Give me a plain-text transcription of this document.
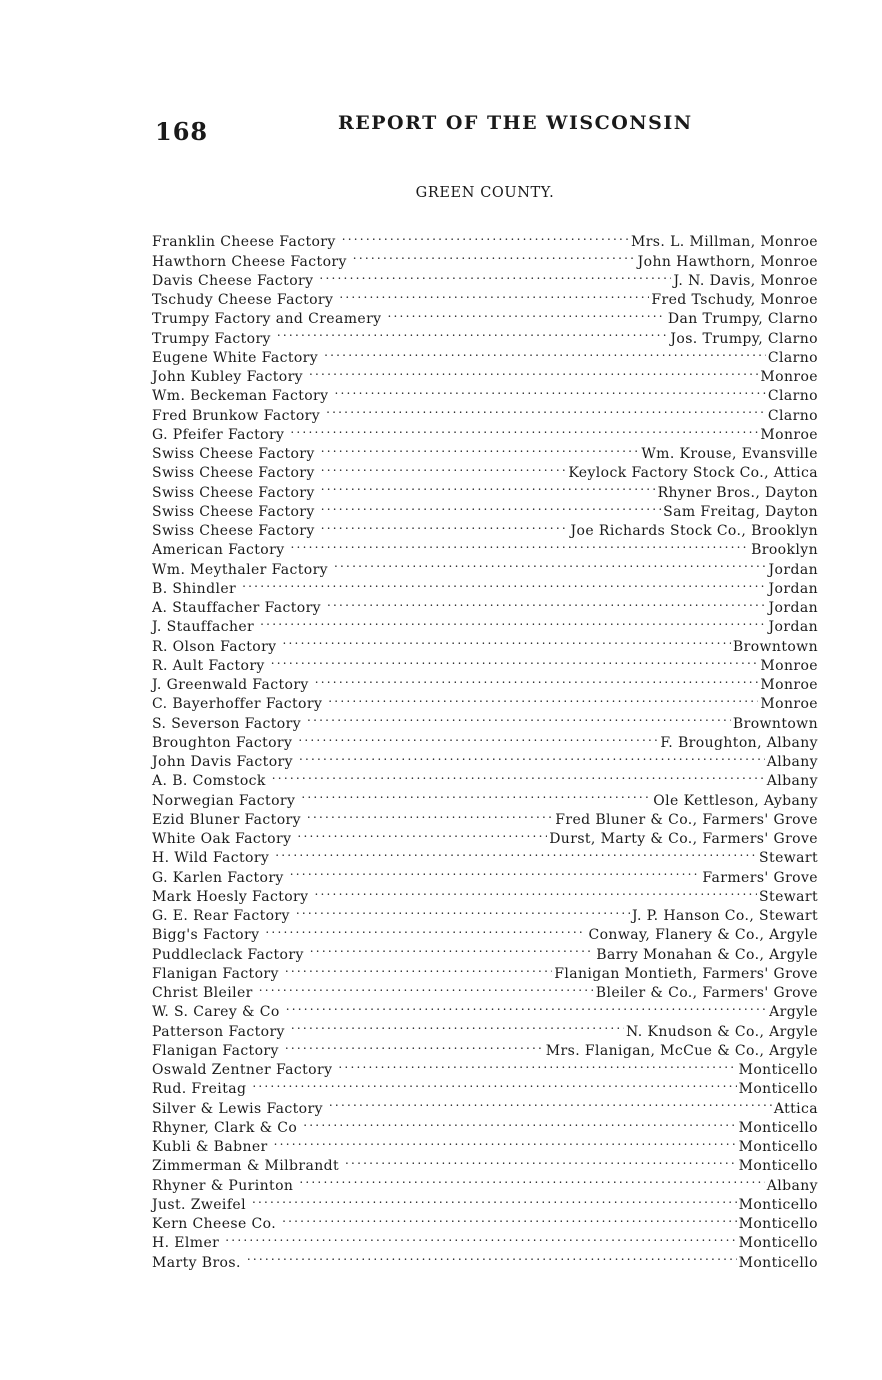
168	REPORT OF THE WISCONSIN
GREEN COUNTY.
Franklin Cheese Factory . . .	Mrs. L. Millman, Monroe
Hawthorn Cheese Factory . . .	John Hawthorn, Monroe
Davis Cheese Factory . . .	J. N. Davis, Monroe
Tschudy Cheese Factory . . .	Fred Tschudy, Monroe
Trumpy Factory and Creamery . . .	Dan Trumpy, Clarno
Trumpy Factory . . .	Jos. Trumpy, Clarno
Eugene White Factory . . .	Clarno
John Kubley Factory . . .	Monroe
Wm. Beckeman Factory . . .	Clarno
Fred Brunkow Factory . . .	Clarno
G. Pfeifer Factory . . .	Monroe
Swiss Cheese Factory . . .	Wm. Krouse, Evansville
Swiss Cheese Factory . . .	Keylock Factory Stock Co., Attica
Swiss Cheese Factory . . .	Rhyner Bros., Dayton
Swiss Cheese Factory . . .	Sam Freitag, Dayton
Swiss Cheese Factory . . .	Joe Richards Stock Co., Brooklyn
American Factory . . .	Brooklyn
Wm. Meythaler Factory . . .	Jordan
B. Shindler . . .	Jordan
A. Stauffacher Factory . . .	Jordan
J. Stauffacher . . .	Jordan
R. Olson Factory . . .	Browntown
R. Ault Factory . . .	Monroe
J. Greenwald Factory . . .	Monroe
C. Bayerhoffer Factory . . .	Monroe
S. Severson Factory . . .	Browntown
Broughton Factory . . .	F. Broughton, Albany
John Davis Factory . . .	Albany
A. B. Comstock . . .	Albany
Norwegian Factory . . .	Ole Kettleson, Aybany
Ezid Bluner Factory . . .	Fred Bluner & Co., Farmers' Grove
White Oak Factory . . .	Durst, Marty & Co., Farmers' Grove
H. Wild Factory . . .	Stewart
G. Karlen Factory . . .	Farmers' Grove
Mark Hoesly Factory . . .	Stewart
G. E. Rear Factory . . .	J. P. Hanson Co., Stewart
Bigg's Factory . . .	Conway, Flanery & Co., Argyle
Puddleclack Factory . . .	Barry Monahan & Co., Argyle
Flanigan Factory . . .	Flanigan Montieth, Farmers' Grove
Christ Bleiler . . .	Bleiler & Co., Farmers' Grove
W. S. Carey & Co . . .	Argyle
Patterson Factory . . .	N. Knudson & Co., Argyle
Flanigan Factory . . .	Mrs. Flanigan, McCue & Co., Argyle
Oswald Zentner Factory . . .	Monticello
Rud. Freitag . . .	Monticello
Silver & Lewis Factory . . .	Attica
Rhyner, Clark & Co . . .	Monticello
Kubli & Babner . . .	Monticello
Zimmerman & Milbrandt . . .	Monticello
Rhyner & Purinton . . .	Albany
Just. Zweifel . . .	Monticello
Kern Cheese Co. . . .	Monticello
H. Elmer . . .	Monticello
Marty Bros. . . .	Monticello
